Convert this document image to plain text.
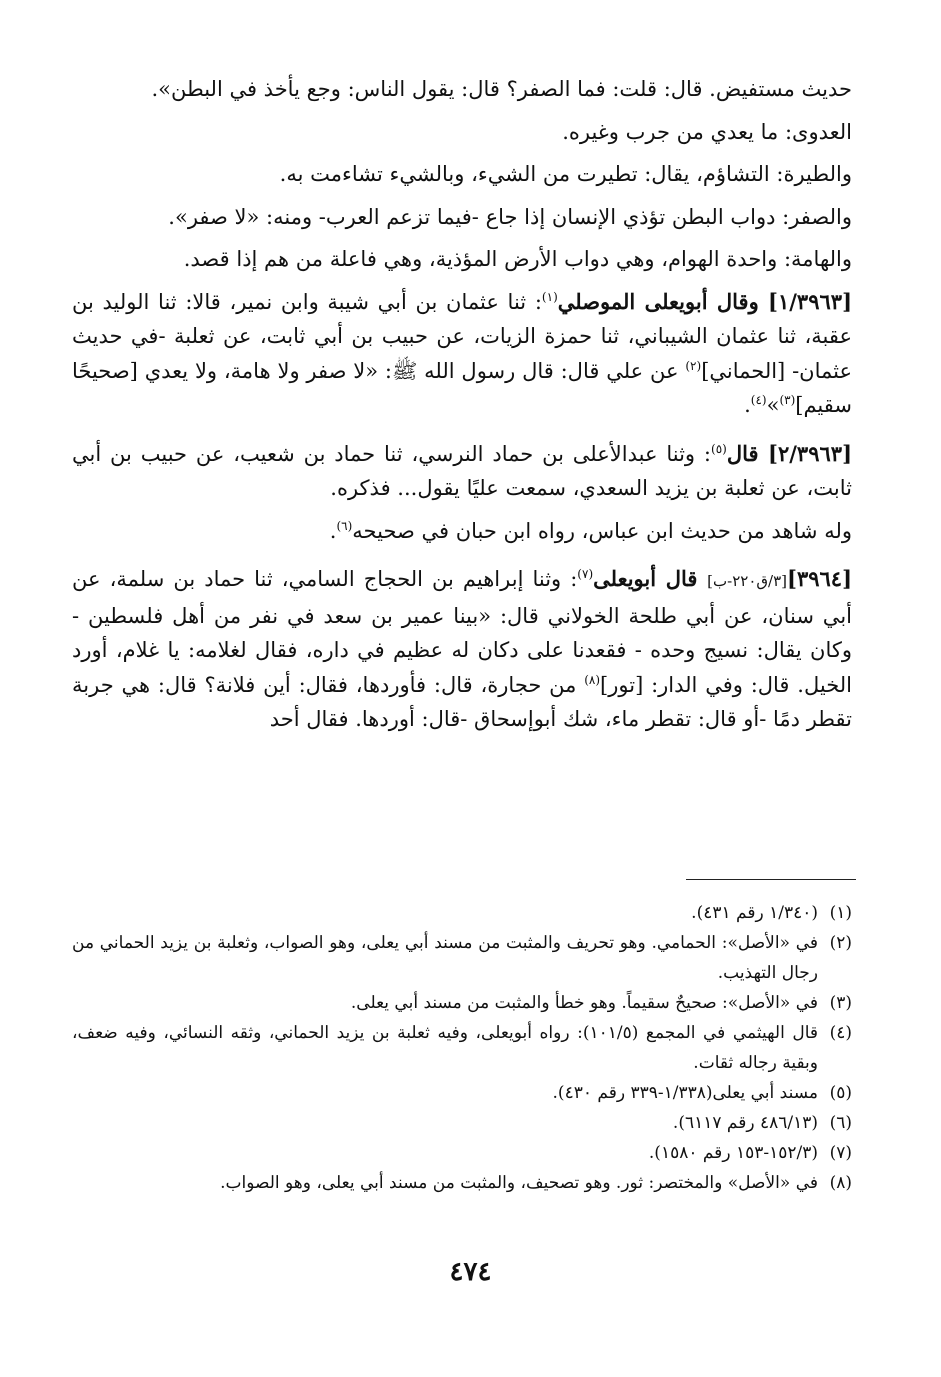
حديث مستفيض. قال: قلت: فما الصفر؟ قال: يقول الناس: وجع يأخذ في البطن».

العدوى: ما يعدي من جرب وغيره.

والطيرة: التشاؤم، يقال: تطيرت من الشيء، وبالشيء تشاءمت به.

والصفر: دواب البطن تؤذي الإنسان إذا جاع -فيما تزعم العرب- ومنه: «لا صفر».

والهامة: واحدة الهوام، وهي دواب الأرض المؤذية، وهي فاعلة من هم إذا قصد.

[١/٣٩٦٣] وقال أبويعلى الموصلي$^{(١)}$: ثنا عثمان بن أبي شيبة وابن نمير، قالا: ثنا الوليد بن عقبة، ثنا عثمان الشيباني، ثنا حمزة الزيات، عن حبيب بن أبي ثابت، عن ثعلبة -في حديث عثمان- [الحماني]$^{(٢)}$ عن علي قال: قال رسول الله ﷺ: «لا صفر ولا هامة، ولا يعدي [صحيحًا سقيم]$^{(٣)}$»$^{(٤)}$.

[٢/٣٩٦٣] قال$^{(٥)}$: وثنا عبدالأعلى بن حماد النرسي، ثنا حماد بن شعيب، عن حبيب بن أبي ثابت، عن ثعلبة بن يزيد السعدي، سمعت عليًا يقول... فذكره.

وله شاهد من حديث ابن عباس، رواه ابن حبان في صحيحه$^{(٦)}$.

[٣٩٦٤][٣/ق٢٢٠-ب] قال أبويعلى$^{(٧)}$: وثنا إبراهيم بن الحجاج السامي، ثنا حماد بن سلمة، عن أبي سنان، عن أبي طلحة الخولاني قال: «بينا عمير بن سعد في نفر من أهل فلسطين - وكان يقال: نسيج وحده - فقعدنا على دكان له عظيم في داره، فقال لغلامه: يا غلام، أورد الخيل. قال: وفي الدار: [تور]$^{(٨)}$ من حجارة، قال: فأوردها، فقال: أين فلانة؟ قال: هي جربة تقطر دمًا -أو قال: تقطر ماء، شك أبوإسحاق -قال: أوردها. فقال أحد

(١)
(١/٣٤٠ رقم ٤٣١).

(٢)
في «الأصل»: الحمامي. وهو تحريف والمثبت من مسند أبي يعلى، وهو الصواب، وثعلبة بن يزيد الحماني من رجال التهذيب.

(٣)
في «الأصل»: صحيحٌ سقيماً. وهو خطأ والمثبت من مسند أبي يعلى.

(٤)
قال الهيثمي في المجمع (١٠١/٥): رواه أبويعلى، وفيه ثعلبة بن يزيد الحماني، وثقه النسائي، وفيه ضعف، وبقية رجاله ثقات.

(٥)
مسند أبي يعلى(١/٣٣٨-٣٣٩ رقم ٤٣٠).

(٦)
(٤٨٦/١٣ رقم ٦١١٧).

(٧)
(١٥٢/٣-١٥٣ رقم ١٥٨٠).

(٨)
في «الأصل» والمختصر: ثور. وهو تصحيف، والمثبت من مسند أبي يعلى، وهو الصواب.

٤٧٤
